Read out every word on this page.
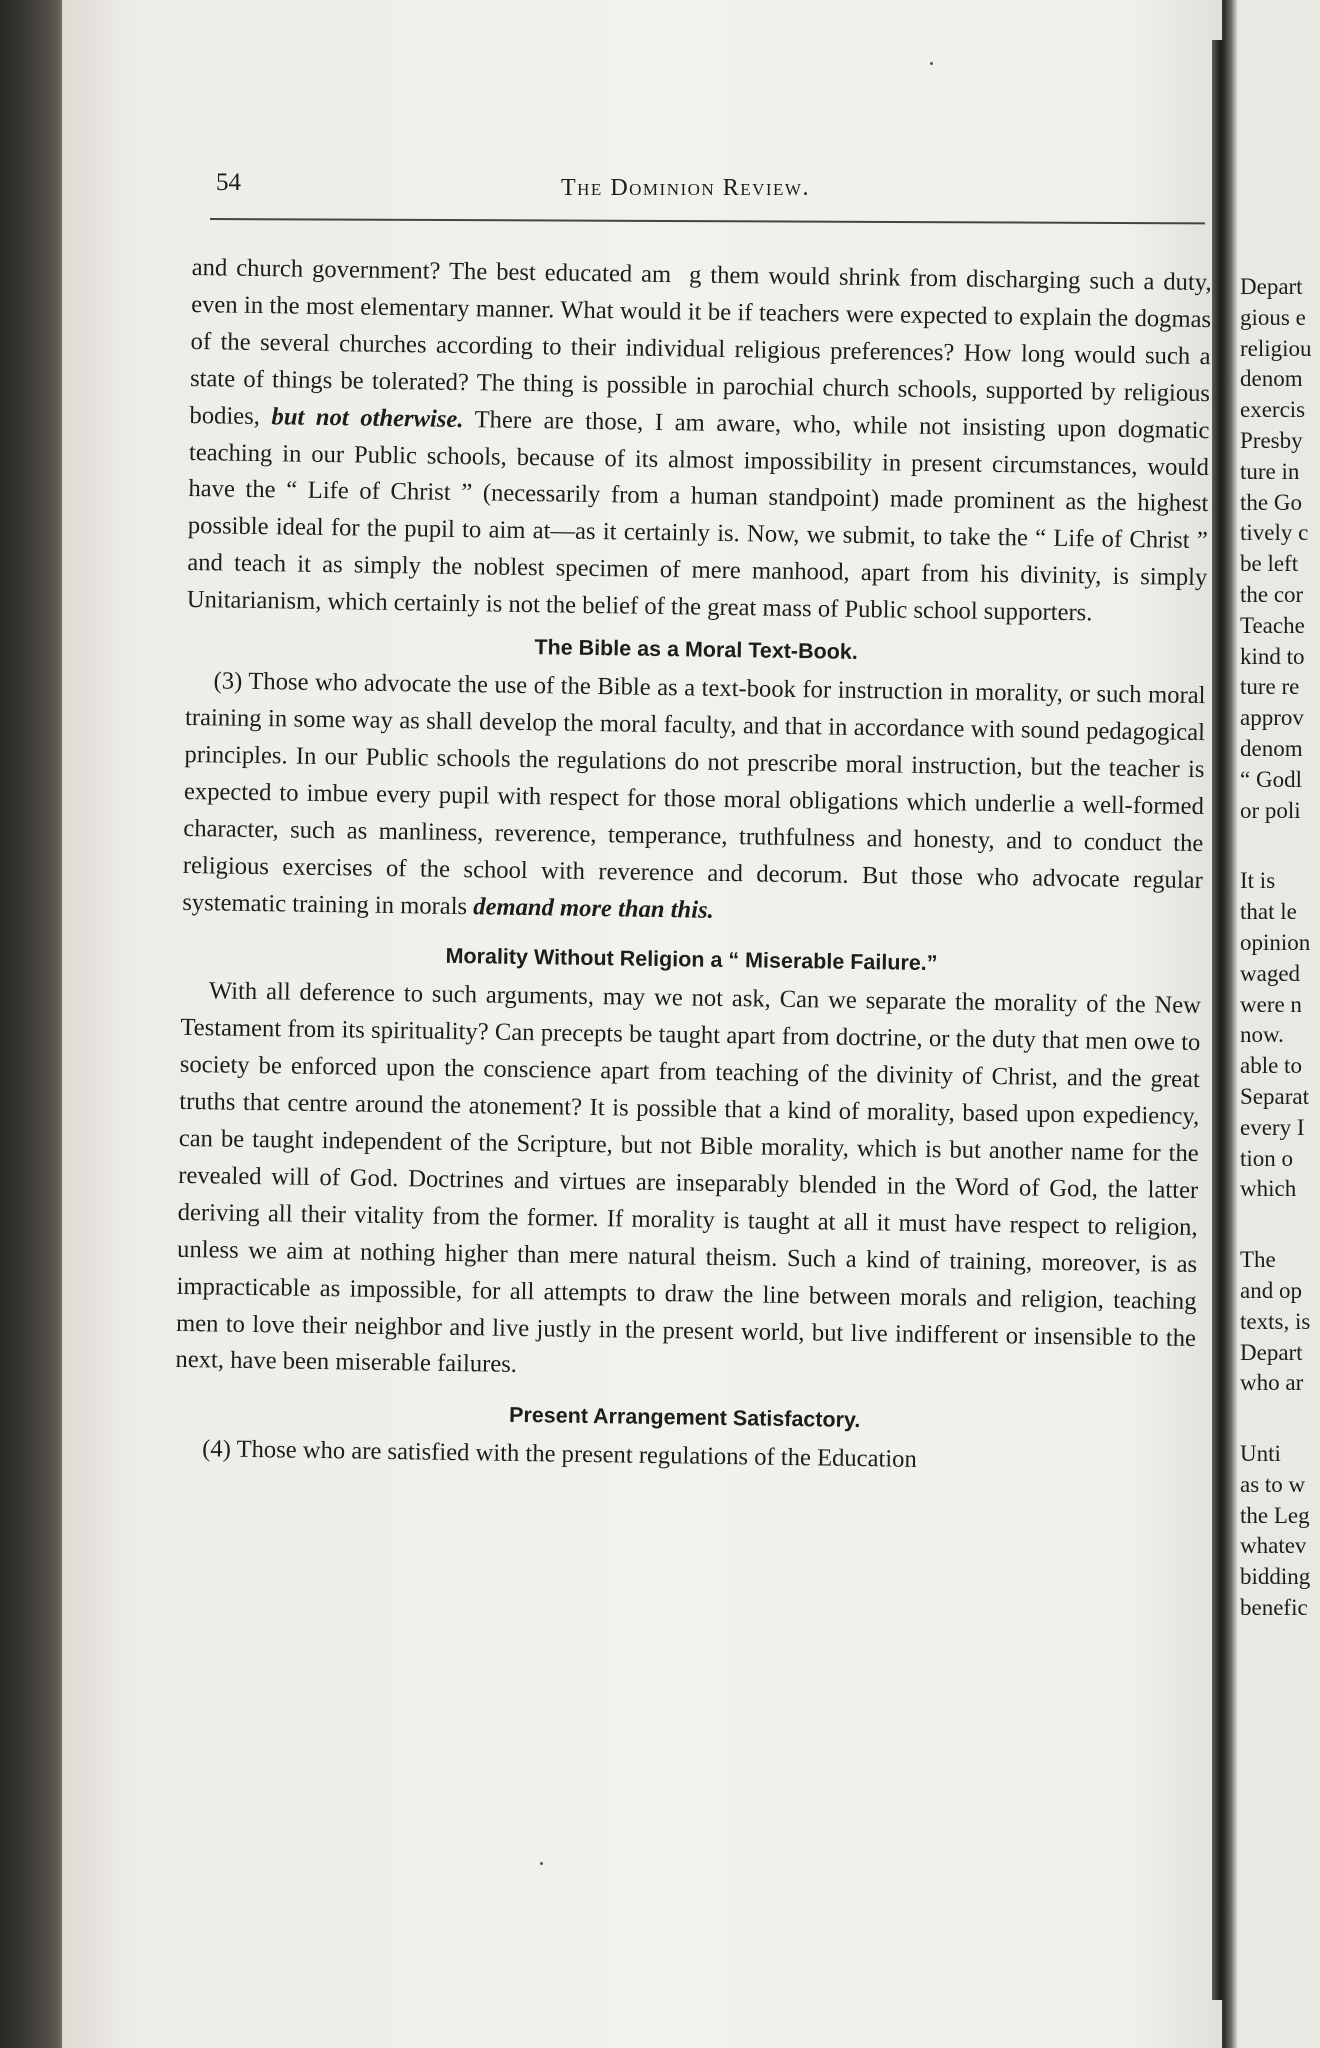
54	The Dominion Review.

and church government? The best educated am  g them would shrink from discharging such a duty, even in the most elementary manner. What would it be if teachers were expected to explain the dogmas of the several churches according to their individual religious preferences? How long would such a state of things be tolerated? The thing is possible in parochial church schools, supported by religious bodies, but not otherwise. There are those, I am aware, who, while not insisting upon dogmatic teaching in our Public schools, because of its almost impossibility in present circumstances, would have the “ Life of Christ ” (necessarily from a human standpoint) made prominent as the highest possible ideal for the pupil to aim at—as it certainly is. Now, we submit, to take the “ Life of Christ ” and teach it as simply the noblest specimen of mere manhood, apart from his divinity, is simply Unitarianism, which certainly is not the belief of the great mass of Public school supporters.

The Bible as a Moral Text-Book.

(3) Those who advocate the use of the Bible as a text-book for instruction in morality, or such moral training in some way as shall develop the moral faculty, and that in accordance with sound pedagogical principles. In our Public schools the regulations do not prescribe moral instruction, but the teacher is expected to imbue every pupil with respect for those moral obligations which underlie a well-formed character, such as manliness, reverence, temperance, truthfulness and honesty, and to conduct the religious exercises of the school with reverence and decorum. But those who advocate regular systematic training in morals demand more than this.

Morality Without Religion a “ Miserable Failure.”

With all deference to such arguments, may we not ask, Can we separate the morality of the New Testament from its spirituality? Can precepts be taught apart from doctrine, or the duty that men owe to society be enforced upon the conscience apart from teaching of the divinity of Christ, and the great truths that centre around the atonement? It is possible that a kind of morality, based upon expediency, can be taught independent of the Scripture, but not Bible morality, which is but another name for the revealed will of God. Doctrines and virtues are inseparably blended in the Word of God, the latter deriving all their vitality from the former. If morality is taught at all it must have respect to religion, unless we aim at nothing higher than mere natural theism. Such a kind of training, moreover, is as impracticable as impossible, for all attempts to draw the line between morals and religion, teaching men to love their neighbor and live justly in the present world, but live indifferent or insensible to the next, have been miserable failures.

Present Arrangement Satisfactory.

(4) Those who are satisfied with the present regulations of the Education

Depart
gious e
religiou
denom
exercis
Presby
ture in
the Go
tively c
be left
the cor
Teache
kind to
ture re
approv
denom
“ Godl
or poli
It is
that le
opinion
waged
were n
now.
able to
Separat
every I
tion o
which
The
and op
texts, is
Depart
who ar
Unti
as to w
the Leg
whatev
bidding
benefic
